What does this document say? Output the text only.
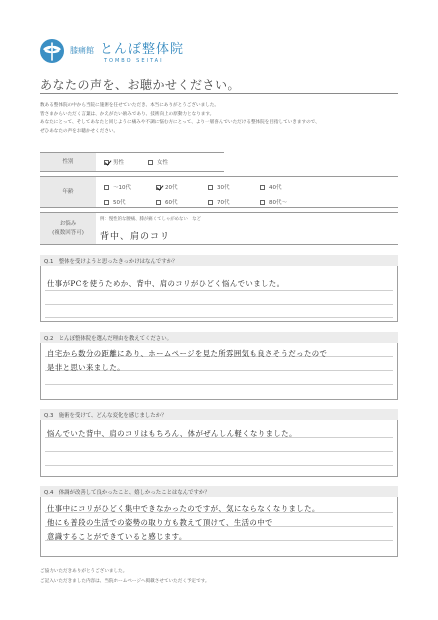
膝痛館 とんぼ整体院
TOMBO SEITAI
あなたの声を、お聴かせください。
数ある整体院の中から当院に施術を任せていただき、本当にありがとうございました。
皆さまからいただく言葉は、かえがたい励みであり、技術向上の原動力となります。
あなたにとって、そしてあなたと同じように痛みや不調に悩む方にとって、より一層喜んでいただける整体院を目指していきますので、
ぜひあなたの声をお聴かせください。
性別	男性	女性
年齢
～10代	20代	30代	40代
50代	60代	70代	80代～
お悩み
(複数回答可)
例：慢性的な腰痛、膝が痛くてしゃがめない　など
背中、肩のコリ
Q.1　整体を受けようと思ったきっかけはなんですか？
仕事がPCを使うためか、背中、肩のコリがひどく悩んでいました。
Q.2　とんぼ整体院を選んだ理由を教えてください。
自宅から数分の距離にあり、ホームページを見た所雰囲気も良さそうだったので
是非と思い来ました。
Q.3　施術を受けて、どんな変化を感じましたか？
悩んでいた背中、肩のコリはもちろん、体がぜんしん軽くなりました。
Q.4　体調が改善して良かったこと、嬉しかったことはなんですか？
仕事中にコリがひどく集中できなかったのですが、気にならなくなりました。
他にも普段の生活での姿勢の取り方も教えて頂けて、生活の中で
意識することができていると感じます。
ご協力いただきありがとうございました。
ご記入いただきました内容は、当院ホームページへ掲載させていただく予定です。
